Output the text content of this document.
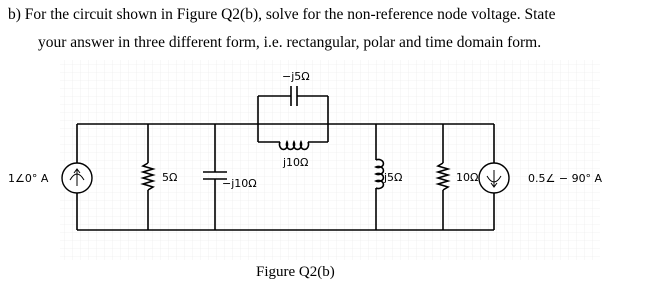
b) For the circuit shown in Figure Q2(b), solve for the non-reference node voltage. State
your answer in three different form, i.e. rectangular, polar and time domain form.
1∠0° A	5Ω	−j10Ω
−j5Ω
j10Ω
j5Ω	10Ω	0.5∠ − 90° A
Figure Q2(b)
